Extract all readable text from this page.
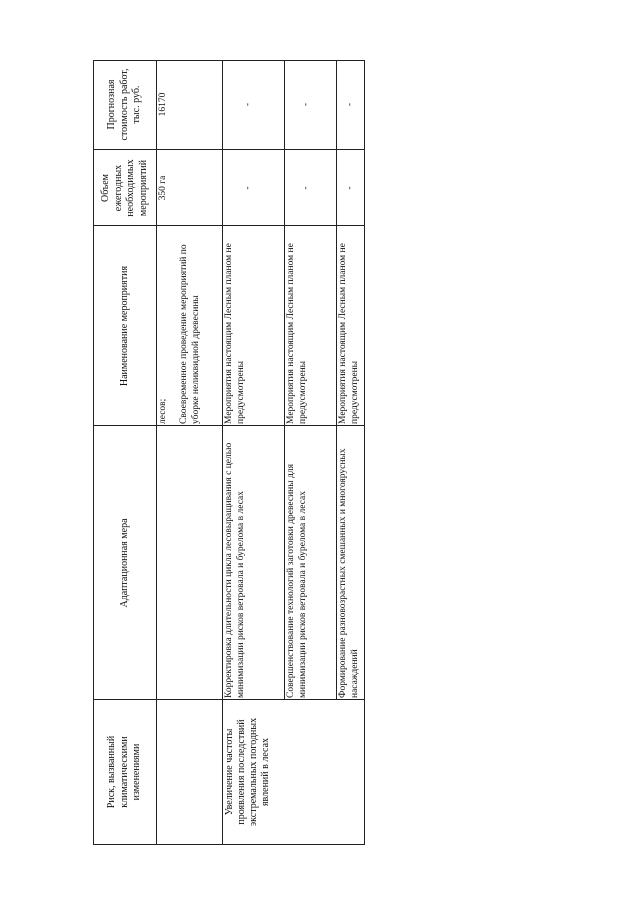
Риск, вызванный климатическими изменениями
Адаптационная мера
Наименование мероприятия
Объем ежегодных необходимых мероприятий
Прогнозная стоимость работ, тыс. руб.
лесов; Своевременное проведение мероприятий по уборке неликвидной древесины
350 га
16170
Увеличение частоты проявления последствий экстремальных погодных явлений в лесах
Корректировка длительности цикла лесовыращивания с целью минимизации рисков ветровала и бурелома в лесах
Мероприятия настоящим Лесным планом не предусмотрены
-
-
Совершенствование технологий заготовки древесины для минимизации рисков ветровала и бурелома в лесах
Мероприятия настоящим Лесным планом не предусмотрены
-
-
Формирование разновозрастных смешанных и многоярусных насаждений
Мероприятия настоящим Лесным планом не предусмотрены
-
-
